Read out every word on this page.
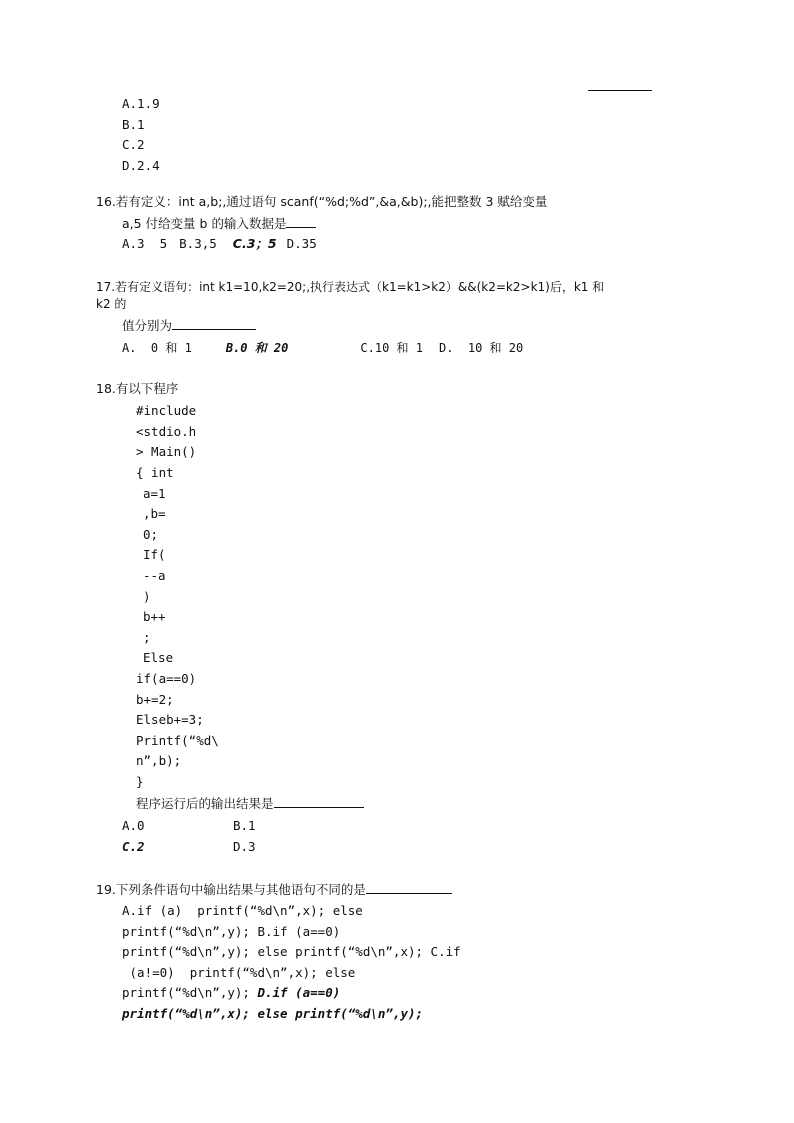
A.1.9
B.1
C.2
D.2.4
16.若有定义：int a,b;,通过语句 scanf(“%d;%d”,&a,&b);,能把整数 3 赋给变量
a,5 付给变量 b 的输入数据是
A.3  5 B.3,5 C.3；5 D.35
17.若有定义语句：int k1=10,k2=20;,执行表达式（k1=k1>k2）&&(k2=k2>k1)后，k1 和
k2 的
值分别为
A.  0 和 1	B.0 和 20	C.10 和 1 D.  10 和 20
18.有以下程序
#include
<stdio.h
> Main()
{ int
a=1
,b=
0;
If(
--a
)
b++
;
Else
if(a==0)
b+=2;
Elseb+=3;
Printf(“%d\
n”,b);
}
程序运行后的输出结果是
A.0	B.1
C.2	D.3
19.下列条件语句中输出结果与其他语句不同的是
A.if (a)  printf(“%d\n”,x); else
printf(“%d\n”,y); B.if (a==0)
printf(“%d\n”,y); else printf(“%d\n”,x); C.if
(a!=0)  printf(“%d\n”,x); else
printf(“%d\n”,y); D.if (a==0)
printf(“%d\n”,x); else printf(“%d\n”,y);
